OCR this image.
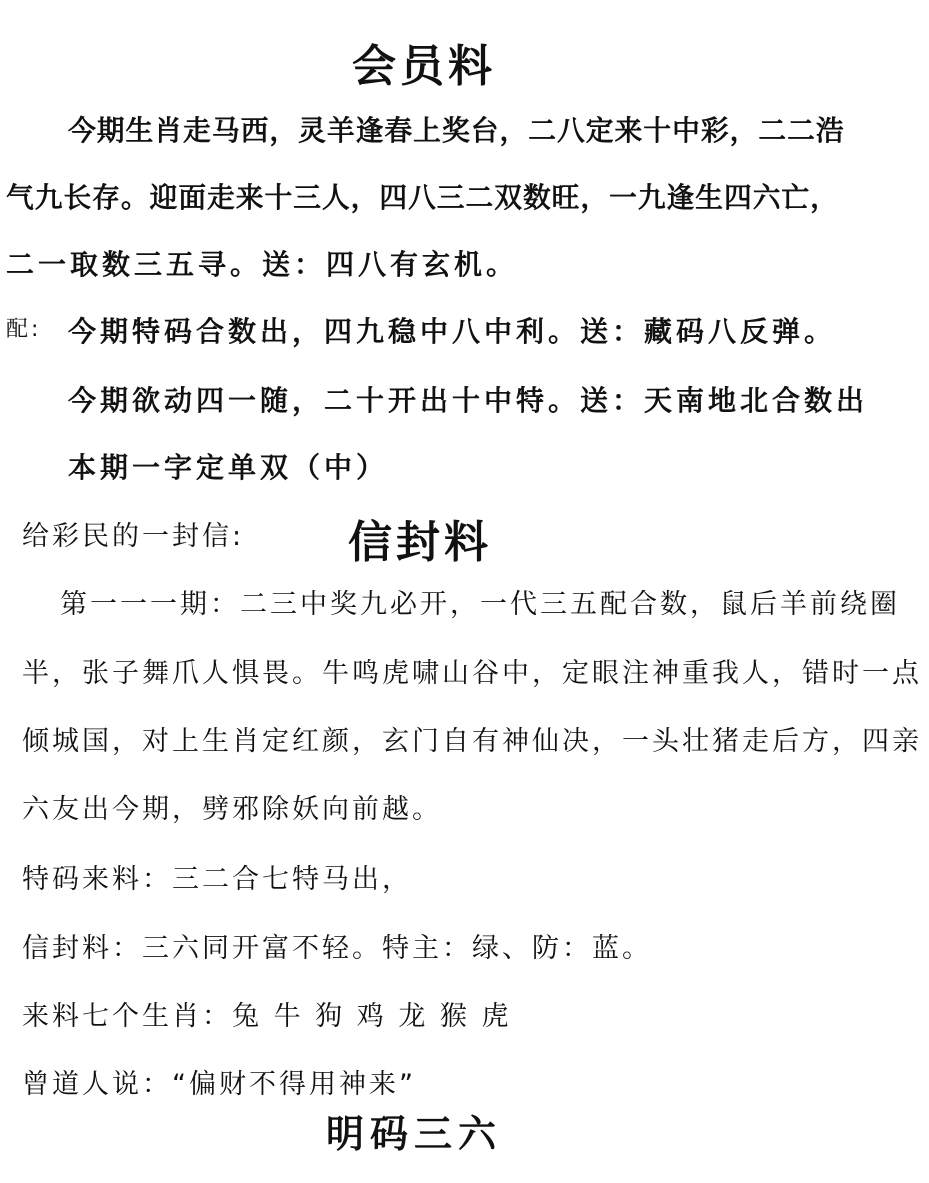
会员料
今期生肖走马西，灵羊逢春上奖台，二八定来十中彩，二二浩
气九长存。迎面走来十三人，四八三二双数旺，一九逢生四六亡，
二一取数三五寻。送：四八有玄机。
配: 今期特码合数出，四九稳中八中利。送：藏码八反弹。
今期欲动四一随，二十开出十中特。送：天南地北合数出
本期一字定单双（中）
给彩民的一封信: 信封料
第一一一期：二三中奖九必开，一代三五配合数，鼠后羊前绕圈
半，张子舞爪人惧畏。牛鸣虎啸山谷中，定眼注神重我人，错时一点
倾城国，对上生肖定红颜，玄门自有神仙决，一头壮猪走后方，四亲
六友出今期，劈邪除妖向前越。
特码来料：三二合七特马出，
信封料：三六同开富不轻。特主：绿、防：蓝。
来料七个生肖：兔 牛 狗 鸡 龙 猴 虎
曾道人说：“偏财不得用神来”
明码三六
